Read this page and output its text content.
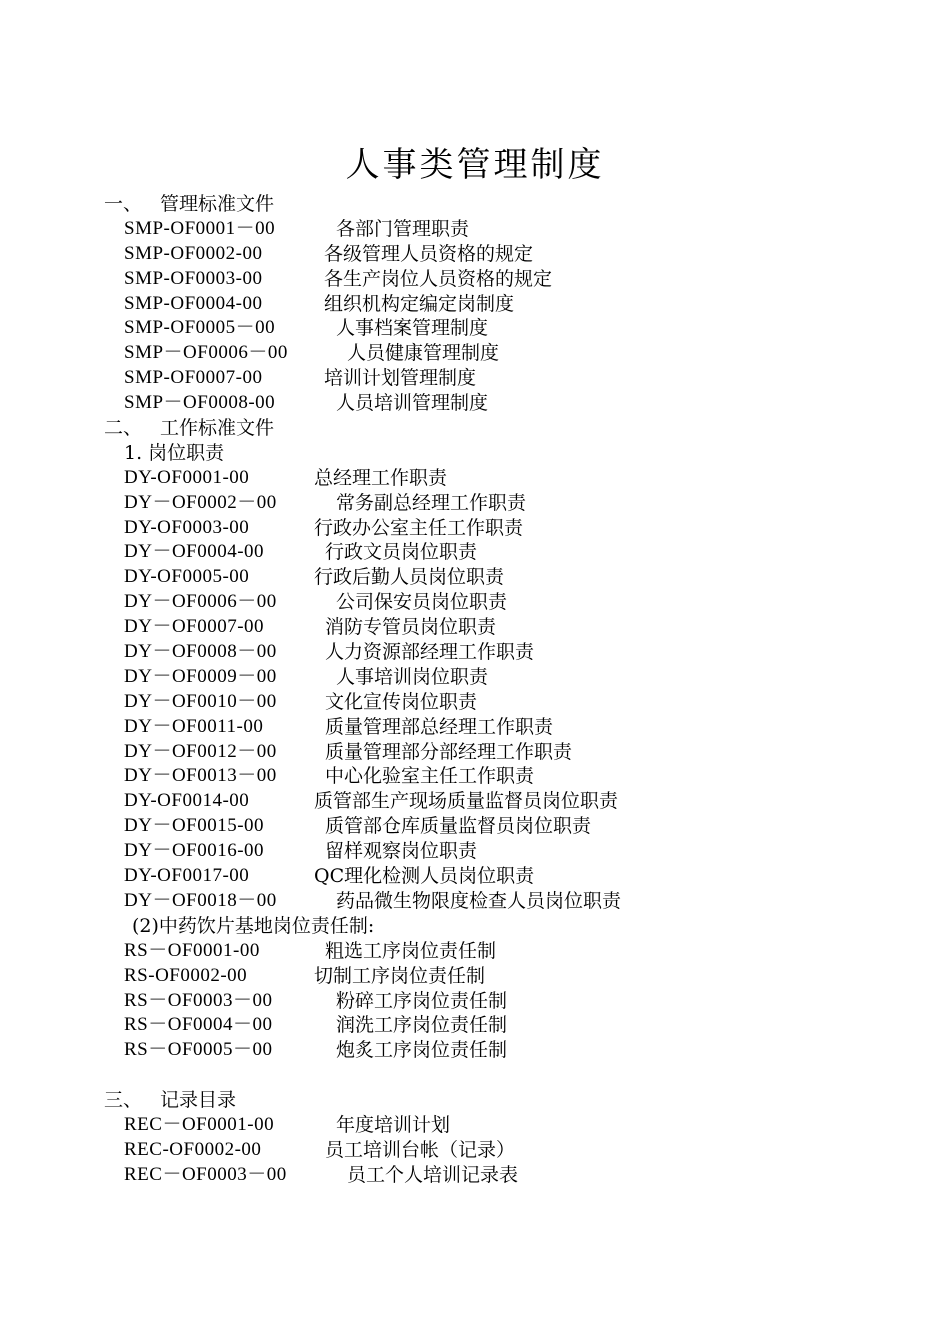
人事类管理制度
一、 管理标准文件
SMP-OF0001－00	各部门管理职责
SMP-OF0002-00	各级管理人员资格的规定
SMP-OF0003-00	各生产岗位人员资格的规定
SMP-OF0004-00	组织机构定编定岗制度
SMP-OF0005－00	人事档案管理制度
SMP－OF0006－00	人员健康管理制度
SMP-OF0007-00	培训计划管理制度
SMP－OF0008-00	人员培训管理制度
二、 工作标准文件
1. 岗位职责
DY-OF0001-00	总经理工作职责
DY－OF0002－00	常务副总经理工作职责
DY-OF0003-00	行政办公室主任工作职责
DY－OF0004-00	行政文员岗位职责
DY-OF0005-00	行政后勤人员岗位职责
DY－OF0006－00	公司保安员岗位职责
DY－OF0007-00	消防专管员岗位职责
DY－OF0008－00	人力资源部经理工作职责
DY－OF0009－00	人事培训岗位职责
DY－OF0010－00	文化宣传岗位职责
DY－OF0011-00	质量管理部总经理工作职责
DY－OF0012－00	质量管理部分部经理工作职责
DY－OF0013－00	中心化验室主任工作职责
DY-OF0014-00	质管部生产现场质量监督员岗位职责
DY－OF0015-00	质管部仓库质量监督员岗位职责
DY－OF0016-00	留样观察岗位职责
DY-OF0017-00	QC理化检测人员岗位职责
DY－OF0018－00	药品微生物限度检查人员岗位职责
(2)中药饮片基地岗位责任制:
RS－OF0001-00	粗选工序岗位责任制
RS-OF0002-00	切制工序岗位责任制
RS－OF0003－00	粉碎工序岗位责任制
RS－OF0004－00	润洗工序岗位责任制
RS－OF0005－00	炮炙工序岗位责任制
三、 记录目录
REC－OF0001-00	年度培训计划
REC-OF0002-00	员工培训台帐（记录）
REC－OF0003－00	员工个人培训记录表
